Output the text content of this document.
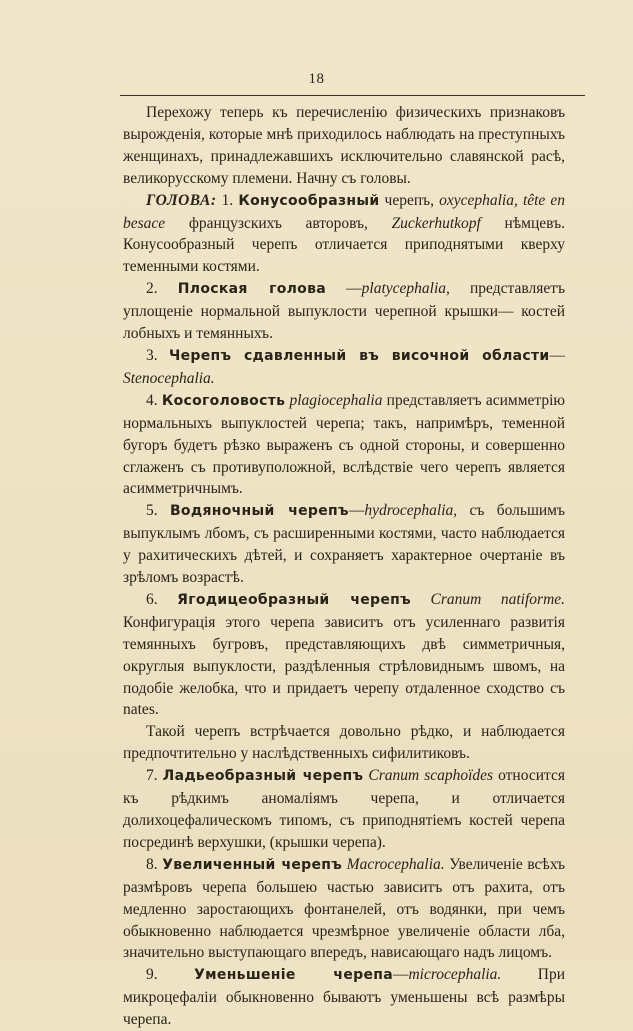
18

Перехожу теперь къ перечисленію физическихъ признаковъ вырожденія, которые мнѣ приходилось наблюдать на преступныхъ женщинахъ, принадлежавшихъ исключительно славянской расѣ, великорусскому племени. Начну съ головы.

ГОЛОВА: 1. Конусообразный черепъ, oxycephalia, tête en besace французскихъ авторовъ, Zuckerhutkopf нѣмцевъ. Конусообразный черепъ отличается приподнятыми кверху теменными костями.

2. Плоская голова —platycephalia, представляетъ уплощеніе нормальной выпуклости черепной крышки— костей лобныхъ и темянныхъ.

3. Черепъ сдавленный въ височной области— Stenocephalia.

4. Косоголовость plagiocephalia представляетъ асимметрію нормальныхъ выпуклостей черепа; такъ, напримѣръ, теменной бугоръ будетъ рѣзко выраженъ съ одной стороны, и совершенно сглаженъ съ противуположной, вслѣдствіе чего черепъ является асимметричнымъ.

5. Водяночный черепъ—hydrocephalia, съ большимъ выпуклымъ лбомъ, съ расширенными костями, часто наблюдается у рахитическихъ дѣтей, и сохраняетъ характерное очертаніе въ зрѣломъ возрастѣ.

6. Ягодицеобразный черепъ Cranum natiforme. Конфигурація этого черепа зависитъ отъ усиленнаго развитія темянныхъ бугровъ, представляющихъ двѣ симметричныя, округлыя выпуклости, раздѣленныя стрѣловиднымъ швомъ, на подобіе желобка, что и придаетъ черепу отдаленное сходство съ nates.

Такой черепъ встрѣчается довольно рѣдко, и наблюдается предпочтительно у наслѣдственныхъ сифилитиковъ.

7. Ладьеобразный черепъ Cranum scaphoïdes относится къ рѣдкимъ аномаліямъ черепа, и отличается долихоцефалическомъ типомъ, съ приподнятіемъ костей черепа посрединѣ верхушки, (крышки черепа).

8. Увеличенный черепъ Macrocephalia. Увеличеніе всѣхъ размѣровъ черепа большею частью зависитъ отъ рахита, отъ медленно заростающихъ фонтанелей, отъ водянки, при чемъ обыкновенно наблюдается чрезмѣрное увеличеніе области лба, значительно выступающаго впередъ, нависающаго надъ лицомъ.

9.	Уменьшеніе черепа—microcephalia. При микроцефаліи обыкновенно бываютъ уменьшены всѣ размѣры черепа.
